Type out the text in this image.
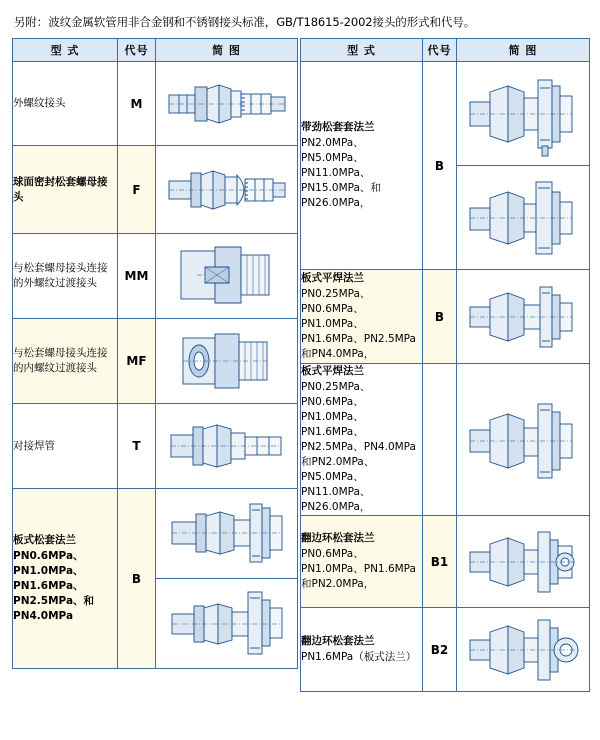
另附：波纹金属软管用非合金钢和不锈钢接头标准，GB/T18615-2002接头的形式和代号。
型 式	代号	简 图
外螺纹接头	M	

球面密封松套螺母接头	F	

与松套螺母接头连接的外螺纹过渡接头	MM	

与松套螺母接头连接的内螺纹过渡接头	MF	

对接焊管	T	

板式松套法兰
PN0.6MPa、PN1.0MPa、PN1.6MPa、PN2.5MPa、和PN4.0MPa	B	

型 式	代号	简 图

带劲松套套法兰
PN2.0MPa、PN5.0MPa、PN11.0MPa、PN15.0MPa、和PN26.0MPa，	B	

板式平焊法兰
PN0.25MPa、PN0.6MPa、PN1.0MPa、PN1.6MPa、PN2.5MPa和PN4.0MPa，	B	

板式平焊法兰
PN0.25MPa、PN0.6MPa、PN1.0MPa、PN1.6MPa、PN2.5MPa、PN4.0MPa 和PN2.0MPa、PN5.0MPa、PN11.0MPa、PN26.0MPa，

翻边环松套法兰
PN0.6MPa、PN1.0MPa、PN1.6MPa和PN2.0MPa，	B1	

翻边环松套法兰
PN1.6MPa（板式法兰）	B2	
